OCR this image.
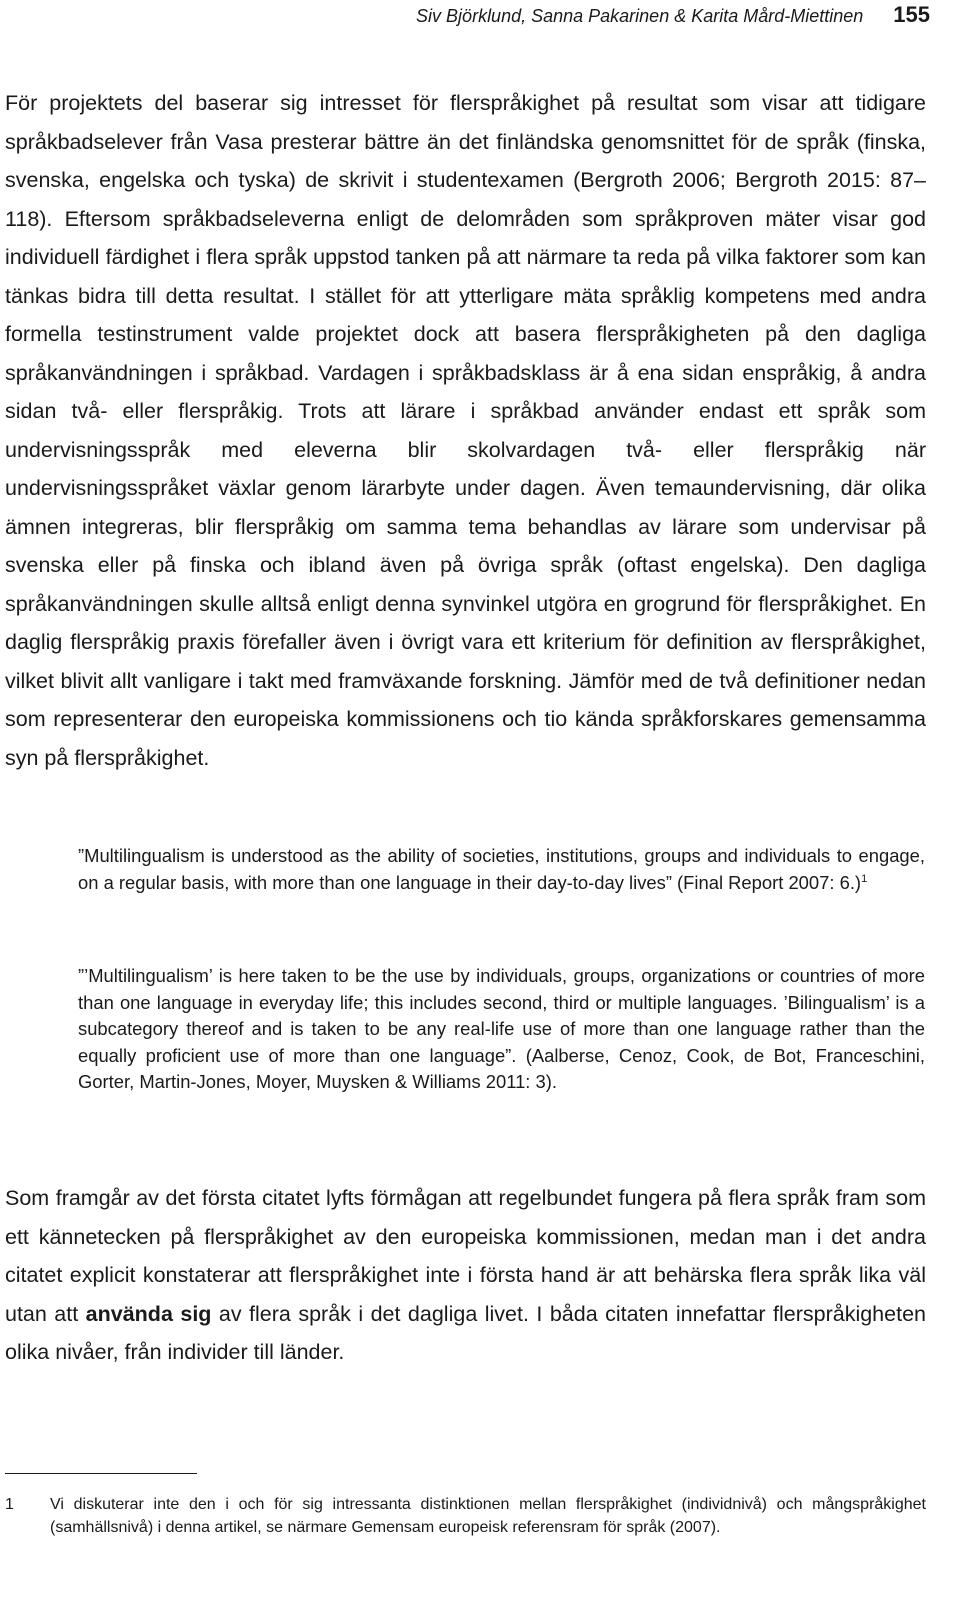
Siv Björklund, Sanna Pakarinen & Karita Mård-Miettinen 155

För projektets del baserar sig intresset för flerspråkighet på resultat som visar att tidigare språkbadselever från Vasa presterar bättre än det finländska genomsnittet för de språk (finska, svenska, engelska och tyska) de skrivit i studentexamen (Bergroth 2006; Bergroth 2015: 87–118). Eftersom språkbadseleverna enligt de delområden som språkproven mäter visar god individuell färdighet i flera språk uppstod tanken på att närmare ta reda på vilka faktorer som kan tänkas bidra till detta resultat. I stället för att ytterligare mäta språklig kompetens med andra formella testinstrument valde projektet dock att basera flerspråkigheten på den dagliga språkanvändningen i språkbad. Vardagen i språkbadsklass är å ena sidan enspråkig, å andra sidan två- eller flerspråkig. Trots att lärare i språkbad använder endast ett språk som undervisningsspråk med eleverna blir skolvardagen två- eller flerspråkig när undervisningsspråket växlar genom lärarbyte under dagen. Även temaundervisning, där olika ämnen integreras, blir flerspråkig om samma tema behandlas av lärare som undervisar på svenska eller på finska och ibland även på övriga språk (oftast engelska). Den dagliga språkanvändningen skulle alltså enligt denna synvinkel utgöra en grogrund för flerspråkighet. En daglig flerspråkig praxis förefaller även i övrigt vara ett kriterium för definition av flerspråkighet, vilket blivit allt vanligare i takt med framväxande forskning. Jämför med de två definitioner nedan som representerar den europeiska kommissionens och tio kända språkforskares gemensamma syn på flerspråkighet.

”Multilingualism is understood as the ability of societies, institutions, groups and individuals to engage, on a regular basis, with more than one language in their day-to-day lives” (Final Report 2007: 6.)$^1$

”’Multilingualism’ is here taken to be the use by individuals, groups, organizations or countries of more than one language in everyday life; this includes second, third or multiple languages. ’Bilingualism’ is a subcategory thereof and is taken to be any real-life use of more than one language rather than the equally proficient use of more than one language”. (Aalberse, Cenoz, Cook, de Bot, Franceschini, Gorter, Martin-Jones, Moyer, Muysken & Williams 2011: 3).

Som framgår av det första citatet lyfts förmågan att regelbundet fungera på flera språk fram som ett kännetecken på flerspråkighet av den europeiska kommissionen, medan man i det andra citatet explicit konstaterar att flerspråkighet inte i första hand är att behärska flera språk lika väl utan att använda sig av flera språk i det dagliga livet. I båda citaten innefattar flerspråkigheten olika nivåer, från individer till länder.

1	Vi diskuterar inte den i och för sig intressanta distinktionen mellan flerspråkighet (individnivå) och mångspråkighet (samhällsnivå) i denna artikel, se närmare Gemensam europeisk referensram för språk (2007).
